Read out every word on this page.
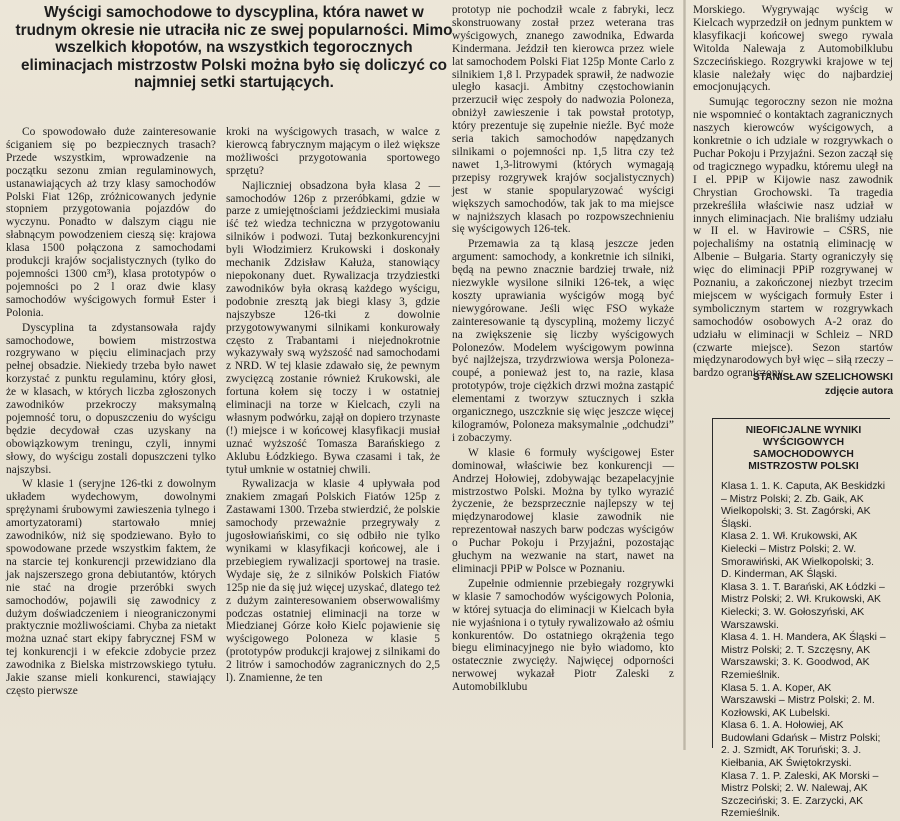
Wyścigi samochodowe to dyscyplina, która nawet w trudnym okresie nie utraciła nic ze swej popularności. Mimo wszelkich kłopotów, na wszystkich tegorocznych eliminacjach mistrzostw Polski można było się doliczyć co najmniej setki startujących.

Co spowodowało duże zainteresowanie ściganiem się po bezpiecznych trasach? Przede wszystkim, wprowadzenie na początku sezonu zmian regulaminowych, ustanawiających aż trzy klasy samochodów Polski Fiat 126p, zróżnicowanych jedynie stopniem przygotowania pojazdów do wyczynu. Ponadto w dalszym ciągu nie słabnącym powodzeniem cieszą się: krajowa klasa 1500 połączona z samochodami produkcji krajów socjalistycznych (tylko do pojemności 1300 cm³), klasa prototypów o pojemności po 2 l oraz dwie klasy samochodów wyścigowych formuł Ester i Polonia.

Dyscyplina ta zdystansowała rajdy samochodowe, bowiem mistrzostwa rozgrywano w pięciu eliminacjach przy pełnej obsadzie. Niekiedy trzeba było nawet korzystać z punktu regulaminu, który głosi, że w klasach, w których liczba zgłoszonych zawodników przekroczy maksymalną pojemność toru, o dopuszczeniu do wyścigu będzie decydował czas uzyskany na obowiązkowym treningu, czyli, innymi słowy, do wyścigu zostali dopuszczeni tylko najszybsi.

W klasie 1 (seryjne 126-tki z dowolnym układem wydechowym, dowolnymi sprężynami śrubowymi zawieszenia tylnego i amortyzatorami) startowało mniej zawodników, niż się spodziewano. Było to spowodowane przede wszystkim faktem, że na starcie tej konkurencji przewidziano dla jak najszerszego grona debiutantów, których nie stać na drogie przeróbki swych samochodów, pojawili się zawodnicy z dużym doświadczeniem i nieograniczonymi praktycznie możliwościami. Chyba za nietakt można uznać start ekipy fabrycznej FSM w tej konkurencji i w efekcie zdobycie przez zawodnika z Bielska mistrzowskiego tytułu. Jakie szanse mieli konkurenci, stawiający często pierwsze

kroki na wyścigowych trasach, w walce z kierowcą fabrycznym mającym o ileż większe możliwości przygotowania sportowego sprzętu?

Najliczniej obsadzona była klasa 2 — samochodów 126p z przeróbkami, gdzie w parze z umiejętnościami jeździeckimi musiała iść też wiedza techniczna w przygotowaniu silników i podwozi. Tutaj bezkonkurencyjni byli Włodzimierz Krukowski i doskonały mechanik Zdzisław Kałuża, stanowiący niepokonany duet. Rywalizacja trzydziestki zawodników była okrasą każdego wyścigu, podobnie zresztą jak biegi klasy 3, gdzie najszybsze 126-tki z dowolnie przygotowywanymi silnikami konkurowały często z Trabantami i niejednokrotnie wykazywały swą wyższość nad samochodami z NRD. W tej klasie zdawało się, że pewnym zwycięzcą zostanie również Krukowski, ale fortuna kołem się toczy i w ostatniej eliminacji na torze w Kielcach, czyli na własnym podwórku, zajął on dopiero trzynaste (!) miejsce i w końcowej klasyfikacji musiał uznać wyższość Tomasza Barańskiego z Aklubu Łódzkiego. Bywa czasami i tak, że tytuł umknie w ostatniej chwili.

Rywalizacja w klasie 4 upływała pod znakiem zmagań Polskich Fiatów 125p z Zastawami 1300. Trzeba stwierdzić, że polskie samochody przeważnie przegrywały z jugosłowiańskimi, co się odbiło nie tylko wynikami w klasyfikacji końcowej, ale i przebiegiem rywalizacji sportowej na trasie. Wydaje się, że z silników Polskich Fiatów 125p nie da się już więcej uzyskać, dlatego też z dużym zainteresowaniem obserwowaliśmy podczas ostatniej eliminacji na torze w Miedzianej Górze koło Kielc pojawienie się wyścigowego Poloneza w klasie 5 (prototypów produkcji krajowej z silnikami do 2 litrów i samochodów zagranicznych do 2,5 l). Znamienne, że ten

prototyp nie pochodził wcale z fabryki, lecz skonstruowany został przez weterana tras wyścigowych, znanego zawodnika, Edwarda Kindermana. Jeździł ten kierowca przez wiele lat samochodem Polski Fiat 125p Monte Carlo z silnikiem 1,8 l. Przypadek sprawił, że nadwozie uległo kasacji. Ambitny częstochowianin przerzucił więc zespoły do nadwozia Poloneza, obniżył zawieszenie i tak powstał prototyp, który prezentuje się zupełnie nieźle. Być może seria takich samochodów napędzanych silnikami o pojemności np. 1,5 litra czy też nawet 1,3-litrowymi (których wymagają przepisy rozgrywek krajów socjalistycznych) jest w stanie spopularyzować wyścigi większych samochodów, tak jak to ma miejsce w najniższych klasach po rozpowszechnieniu się wyścigowych 126-tek.

Przemawia za tą klasą jeszcze jeden argument: samochody, a konkretnie ich silniki, będą na pewno znacznie bardziej trwałe, niż niezwykle wysilone silniki 126-tek, a więc koszty uprawiania wyścigów mogą być niewygórowane. Jeśli więc FSO wykaże zainteresowanie tą dyscypliną, możemy liczyć na zwiększenie się liczby wyścigowych Polonezów. Modelem wyścigowym powinna być najlżejsza, trzydrzwiowa wersja Poloneza-coupé, a ponieważ jest to, na razie, klasa prototypów, troje ciężkich drzwi można zastąpić elementami z tworzyw sztucznych i szkła organicznego, uszczknie się więc jeszcze więcej kilogramów, Poloneza maksymalnie „odchudzi” i zobaczymy.

W klasie 6 formuły wyścigowej Ester dominował, właściwie bez konkurencji — Andrzej Hołowiej, zdobywając bezapelacyjnie mistrzostwo Polski. Można by tylko wyrazić życzenie, że bezsprzecznie najlepszy w tej międzynarodowej klasie zawodnik nie reprezentował naszych barw podczas wyścigów o Puchar Pokoju i Przyjaźni, pozostając głuchym na wezwanie na start, nawet na eliminacji PPiP w Polsce w Poznaniu.

Zupełnie odmiennie przebiegały rozgrywki w klasie 7 samochodów wyścigowych Polonia, w której sytuacja do eliminacji w Kielcach była nie wyjaśniona i o tytuły rywalizowało aż ośmiu konkurentów. Do ostatniego okrążenia tego biegu eliminacyjnego nie było wiadomo, kto ostatecznie zwycięży. Najwięcej odporności nerwowej wykazał Piotr Zaleski z Automobilklubu

Morskiego. Wygrywając wyścig w Kielcach wyprzedził on jednym punktem w klasyfikacji końcowej swego rywala Witolda Nalewaja z Automobilklubu Szczecińskiego. Rozgrywki krajowe w tej klasie należały więc do najbardziej emocjonujących.

Sumując tegoroczny sezon nie można nie wspomnieć o kontaktach zagranicznych naszych kierowców wyścigowych, a konkretnie o ich udziale w rozgrywkach o Puchar Pokoju i Przyjaźni. Sezon zaczął się od tragicznego wypadku, któremu uległ na I el. PPiP w Kijowie nasz zawodnik Chrystian Grochowski. Ta tragedia przekreśliła właściwie nasz udział w innych eliminacjach. Nie braliśmy udziału w II el. w Havirowie – CSRS, nie pojechaliśmy na ostatnią eliminację w Albenie – Bułgaria. Starty ograniczyły się więc do eliminacji PPiP rozgrywanej w Poznaniu, a zakończonej niezbyt trzecim miejscem w wyścigach formuły Ester i symbolicznym startem w rozgrywkach samochodów osobowych A-2 oraz do udziału w eliminacji w Schleiz – NRD (czwarte miejsce). Sezon startów międzynarodowych był więc – siłą rzeczy – bardzo ograniczony.

STANISŁAW SZELICHOWSKI
zdjęcie autora
NIEOFICJALNE WYNIKI WYŚCIGOWYCH SAMOCHODOWYCH MISTRZOSTW POLSKI

Klasa 1. 1. K. Caputa, AK Beskidzki – Mistrz Polski; 2. Zb. Gaik, AK Wielkopolski; 3. St. Zagórski, AK Śląski.

Klasa 2. 1. Wł. Krukowski, AK Kielecki – Mistrz Polski; 2. W. Smorawiński, AK Wielkopolski; 3. D. Kinderman, AK Śląski.

Klasa 3. 1. T. Barański, AK Łódzki – Mistrz Polski; 2. Wł. Krukowski, AK Kielecki; 3. W. Gołoszyński, AK Warszawski.

Klasa 4. 1. H. Mandera, AK Śląski – Mistrz Polski; 2. T. Szczęsny, AK Warszawski; 3. K. Goodwod, AK Rzemieślnik.

Klasa 5. 1. A. Koper, AK Warszawski – Mistrz Polski; 2. M. Kozłowski, AK Lubelski.

Klasa 6. 1. A. Hołowiej, AK Budowlani Gdańsk – Mistrz Polski; 2. J. Szmidt, AK Toruński; 3. J. Kiełbania, AK Świętokrzyski.

Klasa 7. 1. P. Zaleski, AK Morski – Mistrz Polski; 2. W. Nalewaj, AK Szczeciński; 3. E. Zarzycki, AK Rzemieślnik.
